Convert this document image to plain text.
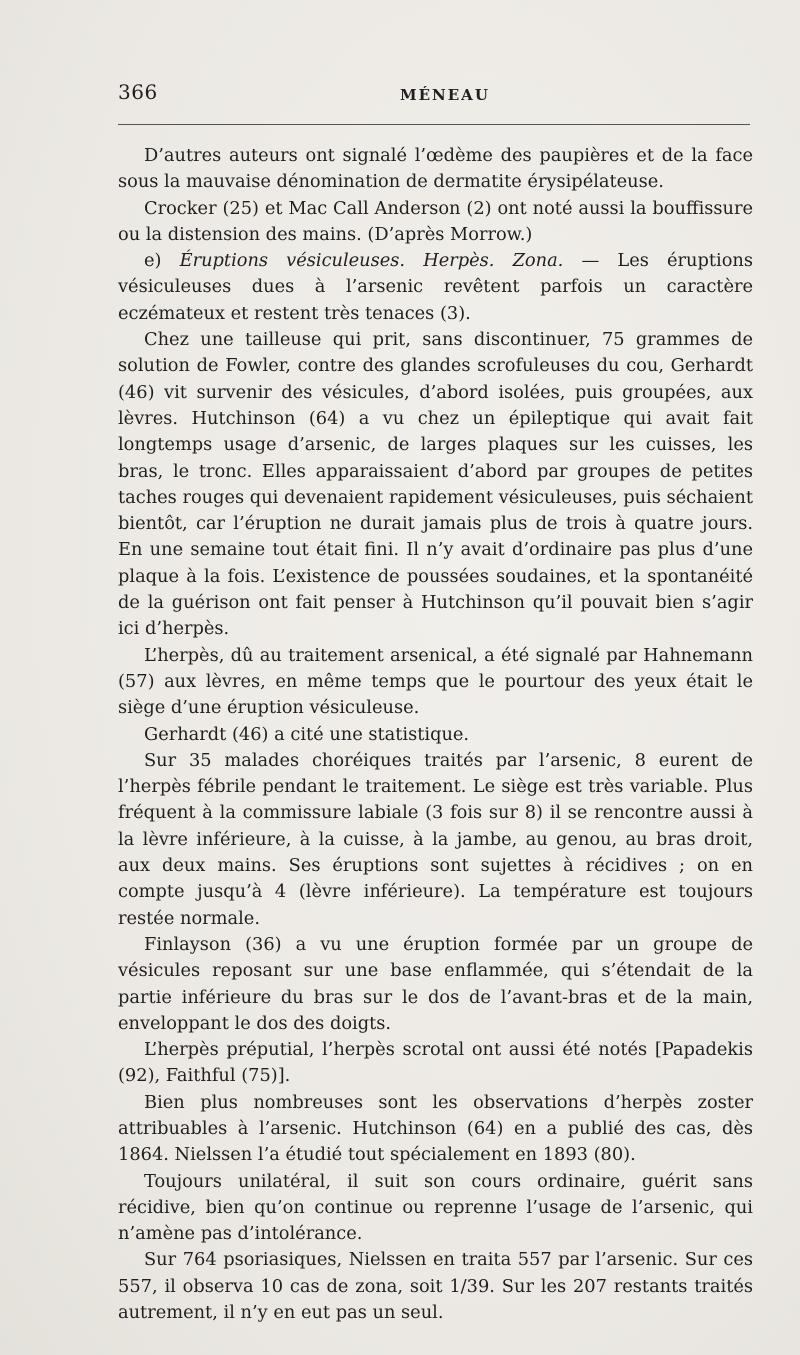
366	MÉNEAU

D’autres auteurs ont signalé l’œdème des paupières et de la face sous la mauvaise dénomination de dermatite érysipélateuse.

Crocker (25) et Mac Call Anderson (2) ont noté aussi la bouffissure ou la distension des mains. (D’après Morrow.)

e) Éruptions vésiculeuses. Herpès. Zona. — Les éruptions vésiculeuses dues à l’arsenic revêtent parfois un caractère eczémateux et restent très tenaces (3).

Chez une tailleuse qui prit, sans discontinuer, 75 grammes de solution de Fowler, contre des glandes scrofuleuses du cou, Gerhardt (46) vit survenir des vésicules, d’abord isolées, puis groupées, aux lèvres. Hutchinson (64) a vu chez un épileptique qui avait fait longtemps usage d’arsenic, de larges plaques sur les cuisses, les bras, le tronc. Elles apparaissaient d’abord par groupes de petites taches rouges qui devenaient rapidement vésiculeuses, puis séchaient bientôt, car l’éruption ne durait jamais plus de trois à quatre jours. En une semaine tout était fini. Il n’y avait d’ordinaire pas plus d’une plaque à la fois. L’existence de poussées soudaines, et la spontanéité de la guérison ont fait penser à Hutchinson qu’il pouvait bien s’agir ici d’herpès.

L’herpès, dû au traitement arsenical, a été signalé par Hahnemann (57) aux lèvres, en même temps que le pourtour des yeux était le siège d’une éruption vésiculeuse.

Gerhardt (46) a cité une statistique.

Sur 35 malades choréiques traités par l’arsenic, 8 eurent de l’herpès fébrile pendant le traitement. Le siège est très variable. Plus fréquent à la commissure labiale (3 fois sur 8) il se rencontre aussi à la lèvre inférieure, à la cuisse, à la jambe, au genou, au bras droit, aux deux mains. Ses éruptions sont sujettes à récidives ; on en compte jusqu’à 4 (lèvre inférieure). La température est toujours restée normale.

Finlayson (36) a vu une éruption formée par un groupe de vésicules reposant sur une base enflammée, qui s’étendait de la partie inférieure du bras sur le dos de l’avant-bras et de la main, enveloppant le dos des doigts.

L’herpès préputial, l’herpès scrotal ont aussi été notés [Papadekis (92), Faithful (75)].

Bien plus nombreuses sont les observations d’herpès zoster attribuables à l’arsenic. Hutchinson (64) en a publié des cas, dès 1864. Nielssen l’a étudié tout spécialement en 1893 (80).

Toujours unilatéral, il suit son cours ordinaire, guérit sans récidive, bien qu’on continue ou reprenne l’usage de l’arsenic, qui n’amène pas d’intolérance.

Sur 764 psoriasiques, Nielssen en traita 557 par l’arsenic. Sur ces 557, il observa 10 cas de zona, soit 1/39. Sur les 207 restants traités autrement, il n’y en eut pas un seul.
